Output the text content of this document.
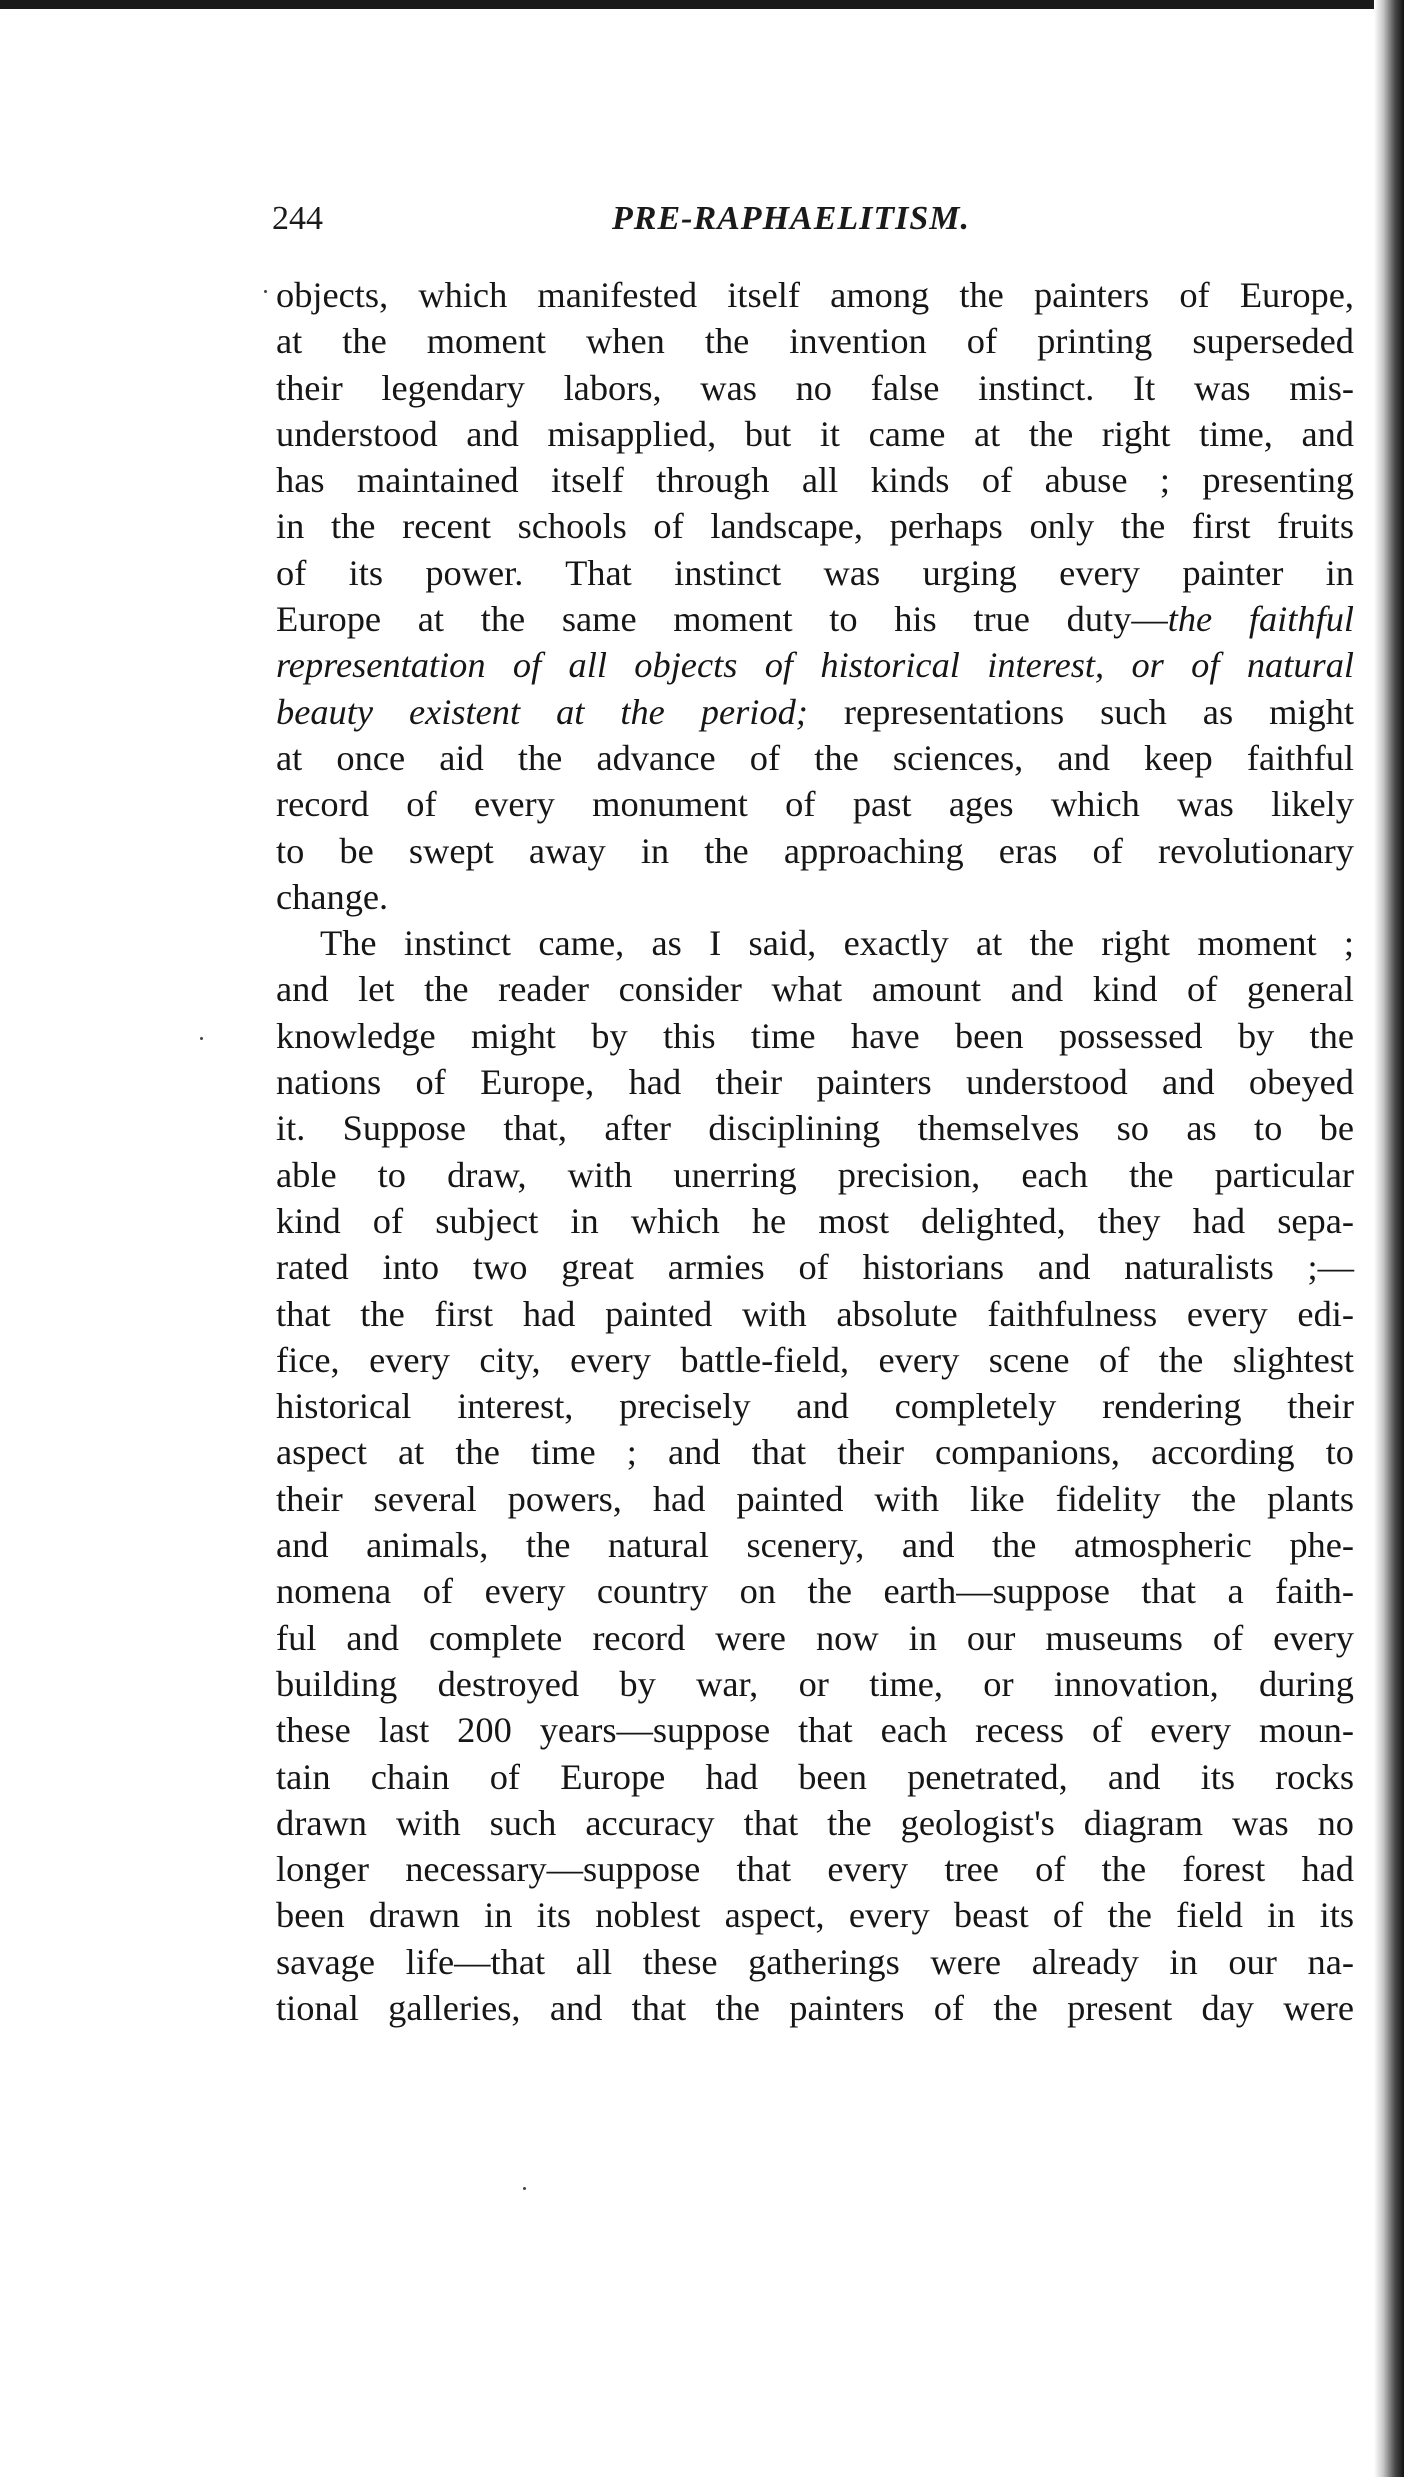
244	PRE-RAPHAELITISM.
objects, which manifested itself among the painters of Europe,
at the moment when the invention of printing superseded
their legendary labors, was no false instinct. It was mis-
understood and misapplied, but it came at the right time, and
has maintained itself through all kinds of abuse ; presenting
in the recent schools of landscape, perhaps only the first fruits
of its power. That instinct was urging every painter in
Europe at the same moment to his true duty—the faithful
representation of all objects of historical interest, or of natural
beauty existent at the period; representations such as might
at once aid the advance of the sciences, and keep faithful
record of every monument of past ages which was likely
to be swept away in the approaching eras of revolutionary
change.
The instinct came, as I said, exactly at the right moment ;
and let the reader consider what amount and kind of general
knowledge might by this time have been possessed by the
nations of Europe, had their painters understood and obeyed
it. Suppose that, after disciplining themselves so as to be
able to draw, with unerring precision, each the particular
kind of subject in which he most delighted, they had sepa-
rated into two great armies of historians and naturalists ;—
that the first had painted with absolute faithfulness every edi-
fice, every city, every battle-field, every scene of the slightest
historical interest, precisely and completely rendering their
aspect at the time ; and that their companions, according to
their several powers, had painted with like fidelity the plants
and animals, the natural scenery, and the atmospheric phe-
nomena of every country on the earth—suppose that a faith-
ful and complete record were now in our museums of every
building destroyed by war, or time, or innovation, during
these last 200 years—suppose that each recess of every moun-
tain chain of Europe had been penetrated, and its rocks
drawn with such accuracy that the geologist's diagram was no
longer necessary—suppose that every tree of the forest had
been drawn in its noblest aspect, every beast of the field in its
savage life—that all these gatherings were already in our na-
tional galleries, and that the painters of the present day were
